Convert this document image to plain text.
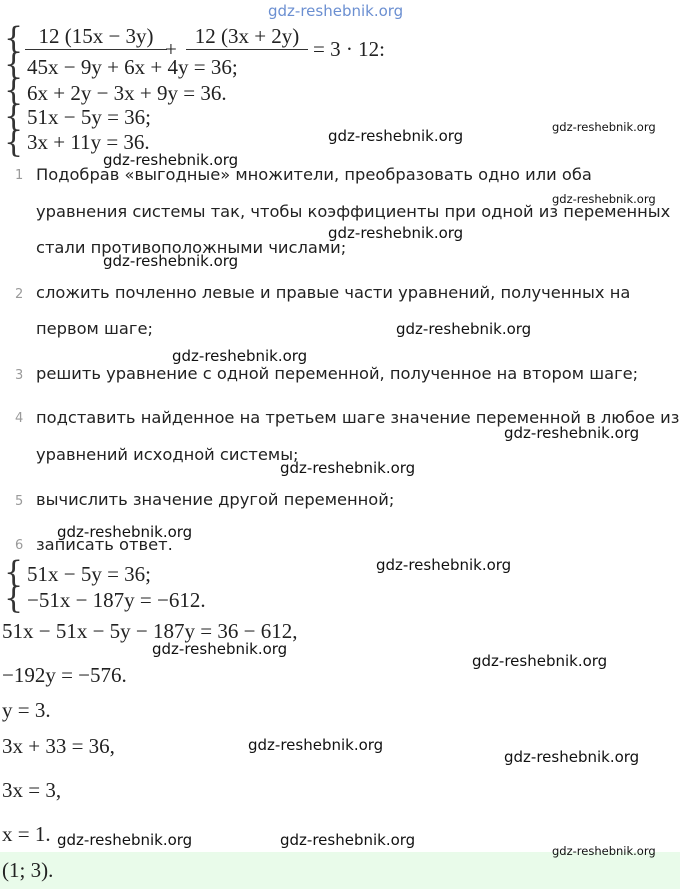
gdz-reshebnik.org
{
{
{
{
{
12 (15x − 3y)
+
12 (3x + 2y)
= 3 · 12:
45x − 9y + 6x + 4y = 36;
6x + 2y − 3x + 9y = 36.
51x − 5y = 36;
3x + 11y = 36.
1 Подобрав «выгодные» множители, преобразовать одно или оба
уравнения системы так, чтобы коэффициенты при одной из переменных
стали противоположными числами;
2 сложить почленно левые и правые части уравнений, полученных на
первом шаге;
3 решить уравнение с одной переменной, полученное на втором шаге;
4 подставить найденное на третьем шаге значение переменной в любое из
уравнений исходной системы;
5 вычислить значение другой переменной;
6 записать ответ.
{
{
51x − 5y = 36;
−51x − 187y = −612.
51x − 51x − 5y − 187y = 36 − 612,
−192y = −576.
y = 3.
3x + 33 = 36,
3x = 3,
x = 1.
(1; 3).
gdz-reshebnik.org	gdz-reshebnik.org
gdz-reshebnik.org
gdz-reshebnik.org
gdz-reshebnik.org
gdz-reshebnik.org
gdz-reshebnik.org
gdz-reshebnik.org
gdz-reshebnik.org
gdz-reshebnik.org
gdz-reshebnik.org
gdz-reshebnik.org
gdz-reshebnik.org
gdz-reshebnik.org
gdz-reshebnik.org
gdz-reshebnik.org
gdz-reshebnik.org	gdz-reshebnik.org
gdz-reshebnik.org
